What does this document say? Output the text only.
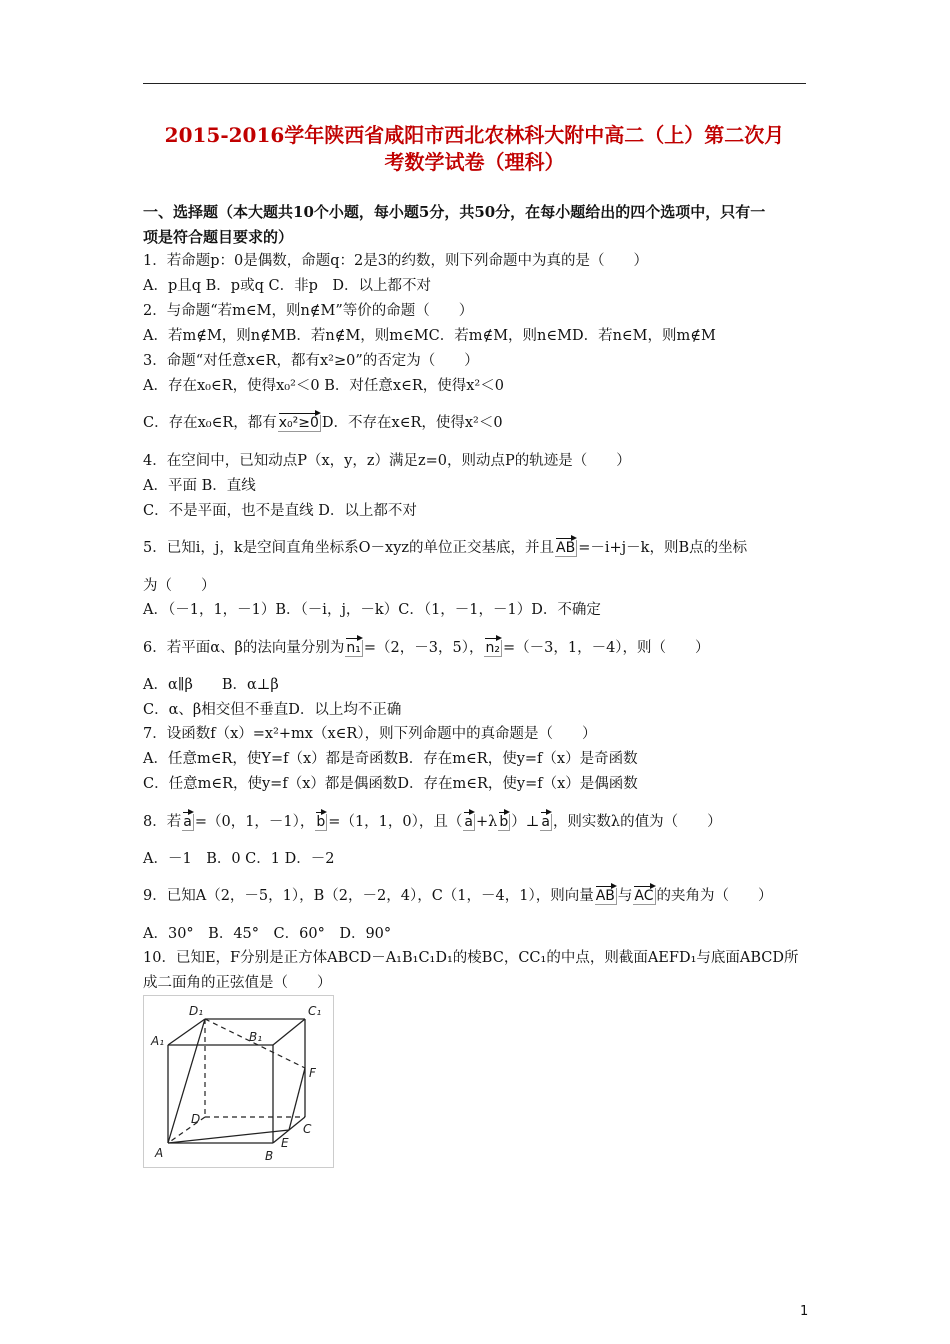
2015-2016学年陕西省咸阳市西北农林科大附中高二（上）第二次月
考数学试卷（理科）
一、选择题（本大题共10个小题，每小题5分，共50分，在每小题给出的四个选项中，只有一
项是符合题目要求的）
1．若命题p：0是偶数，命题q：2是3的约数，则下列命题中为真的是（　　）
A．p且q B．p或q C．非p　D．以上都不对
2．与命题“若m∈M，则n∉M”等价的命题（　　）
A．若m∉M，则n∉MB．若n∉M，则m∈MC．若m∉M，则n∈MD．若n∈M，则m∉M
3．命题“对任意x∈R，都有x²≥0”的否定为（　　）
A．存在x₀∈R，使得x₀²＜0 B．对任意x∈R，使得x²＜0
C．存在x₀∈R，都有 x₀²≥0 D．不存在x∈R，使得x²＜0
4．在空间中，已知动点P（x，y，z）满足z=0，则动点P的轨迹是（　　）
A．平面 B．直线
C．不是平面，也不是直线 D．以上都不对
5．已知i，j，k是空间直角坐标系O－xyz的单位正交基底，并且 AB =－i+j－k，则B点的坐标
为（　　）
A．（－1，1，－1）B．（－i，j，－k）C．（1，－1，－1）D．不确定
6．若平面α、β的法向量分别为 n₁ =（2，－3，5）， n₂ =（－3，1，－4），则（　　）
A．α∥β　　B．α⊥β
C．α、β相交但不垂直D．以上均不正确
7．设函数f（x）=x²+mx（x∈R），则下列命题中的真命题是（　　）
A．任意m∈R，使Y=f（x）都是奇函数B．存在m∈R，使y=f（x）是奇函数
C．任意m∈R，使y=f（x）都是偶函数D．存在m∈R，使y=f（x）是偶函数
8．若 a =（0，1，－1）， b =（1，1，0），且（ a +λ b ）⊥ a ，则实数λ的值为（　　）
A．－1　B．0 C．1 D．－2
9．已知A（2，－5，1），B（2，－2，4），C（1，－4，1），则向量 AB 与 AC 的夹角为（　　）
A．30°　B．45°　C．60°　D．90°
10．已知E，F分别是正方体ABCD－A₁B₁C₁D₁的棱BC，CC₁的中点，则截面AEFD₁与底面ABCD所
成二面角的正弦值是（　　）
D₁	C₁
A₁	B₁
F
D
C
E
A	B
1
